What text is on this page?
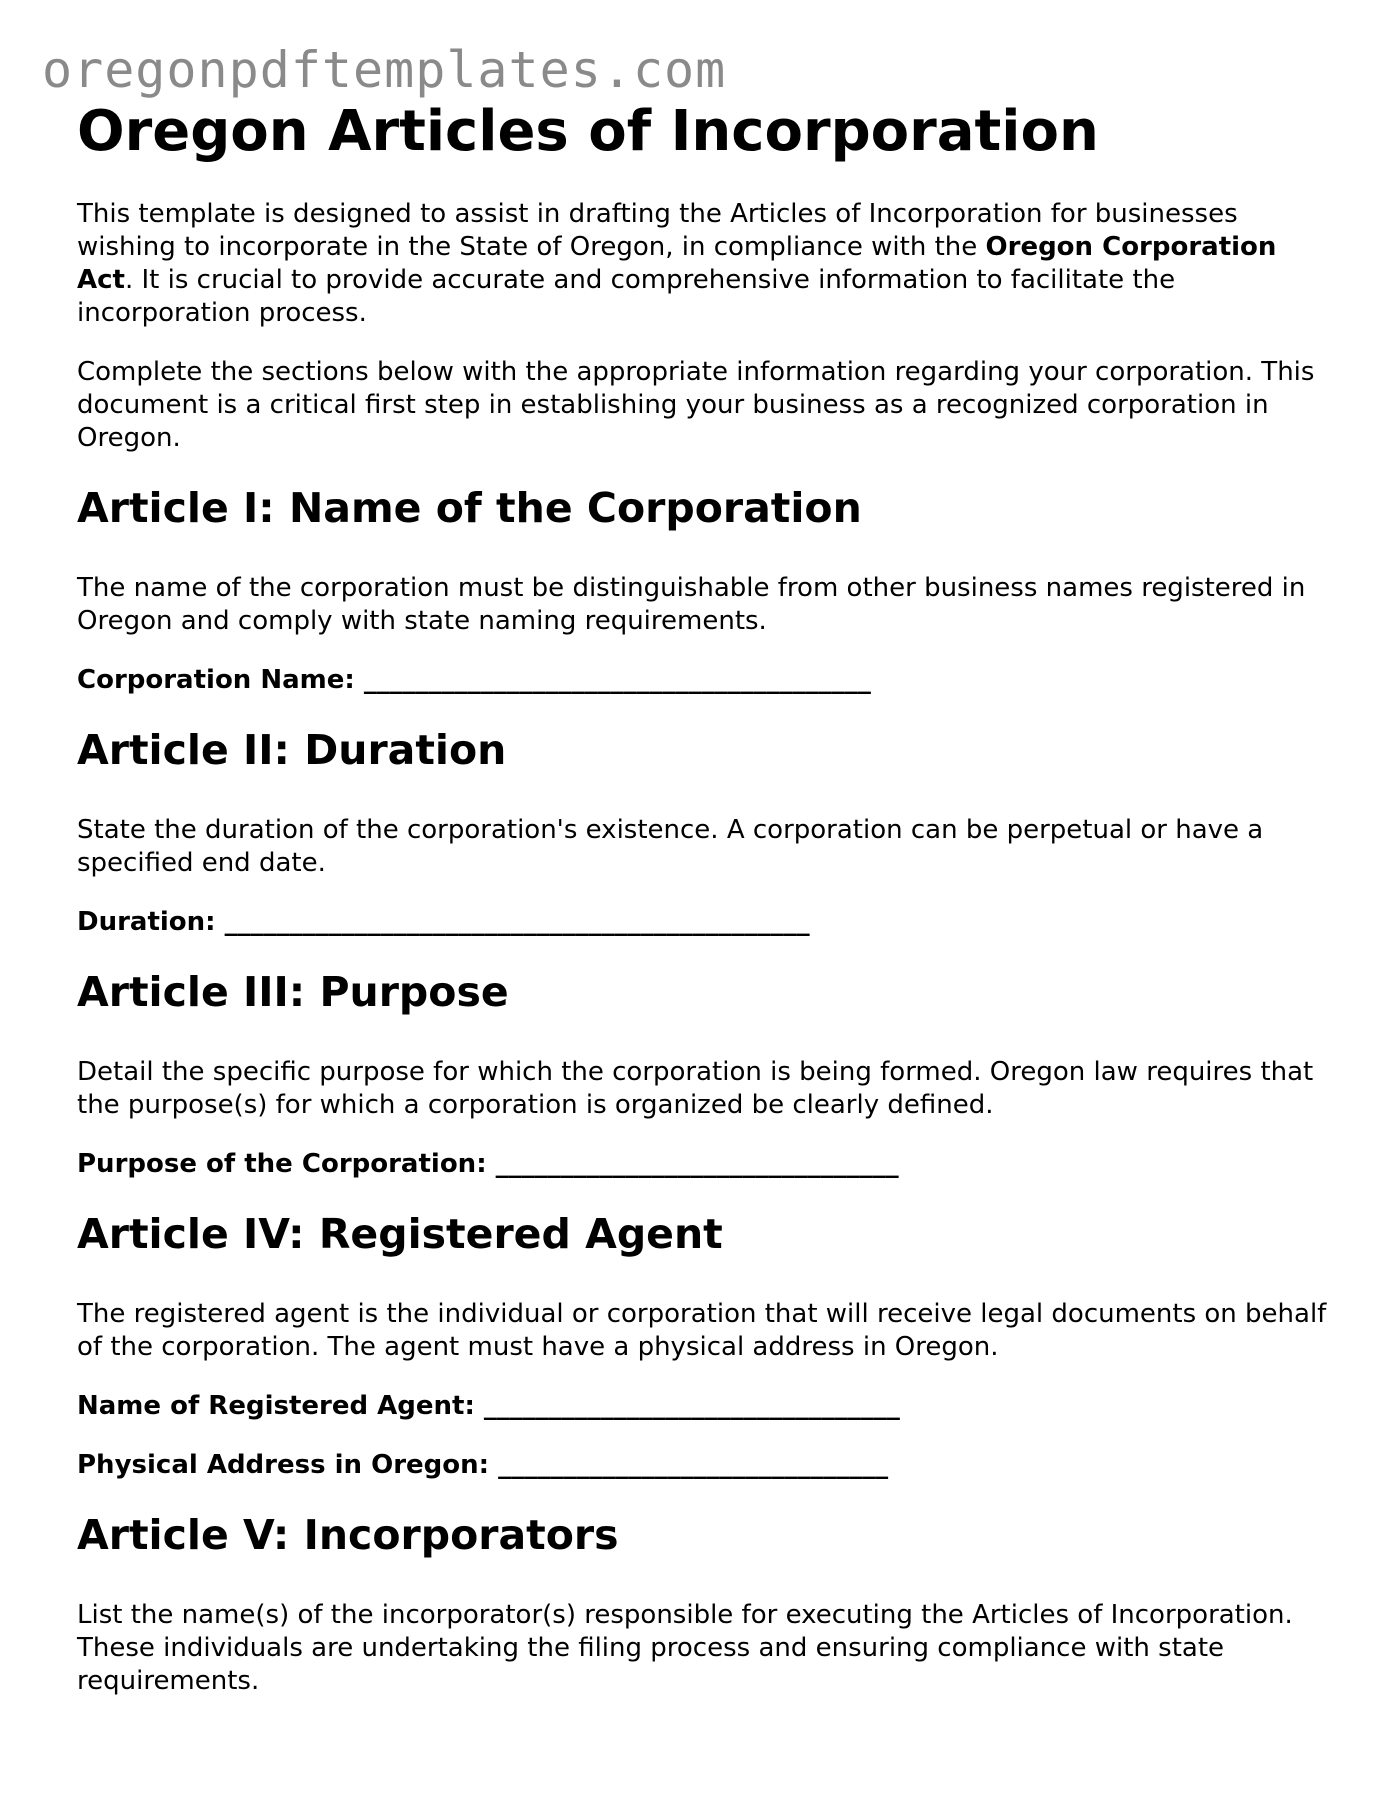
oregonpdftemplates.com
Oregon Articles of Incorporation

This template is designed to assist in drafting the Articles of Incorporation for businesses wishing to incorporate in the State of Oregon, in compliance with the Oregon Corporation Act. It is crucial to provide accurate and comprehensive information to facilitate the incorporation process.

Complete the sections below with the appropriate information regarding your corporation. This document is a critical first step in establishing your business as a recognized corporation in Oregon.

Article I: Name of the Corporation

The name of the corporation must be distinguishable from other business names registered in Oregon and comply with state naming requirements.

Corporation Name: _______________________________________
Article II: Duration

State the duration of the corporation's existence. A corporation can be perpetual or have a specified end date.

Duration: _____________________________________________
Article III: Purpose

Detail the specific purpose for which the corporation is being formed. Oregon law requires that the purpose(s) for which a corporation is organized be clearly defined.

Purpose of the Corporation: _______________________________
Article IV: Registered Agent

The registered agent is the individual or corporation that will receive legal documents on behalf of the corporation. The agent must have a physical address in Oregon.

Name of Registered Agent: ________________________________
Physical Address in Oregon: ______________________________
Article V: Incorporators

List the name(s) of the incorporator(s) responsible for executing the Articles of Incorporation. These individuals are undertaking the filing process and ensuring compliance with state requirements.
